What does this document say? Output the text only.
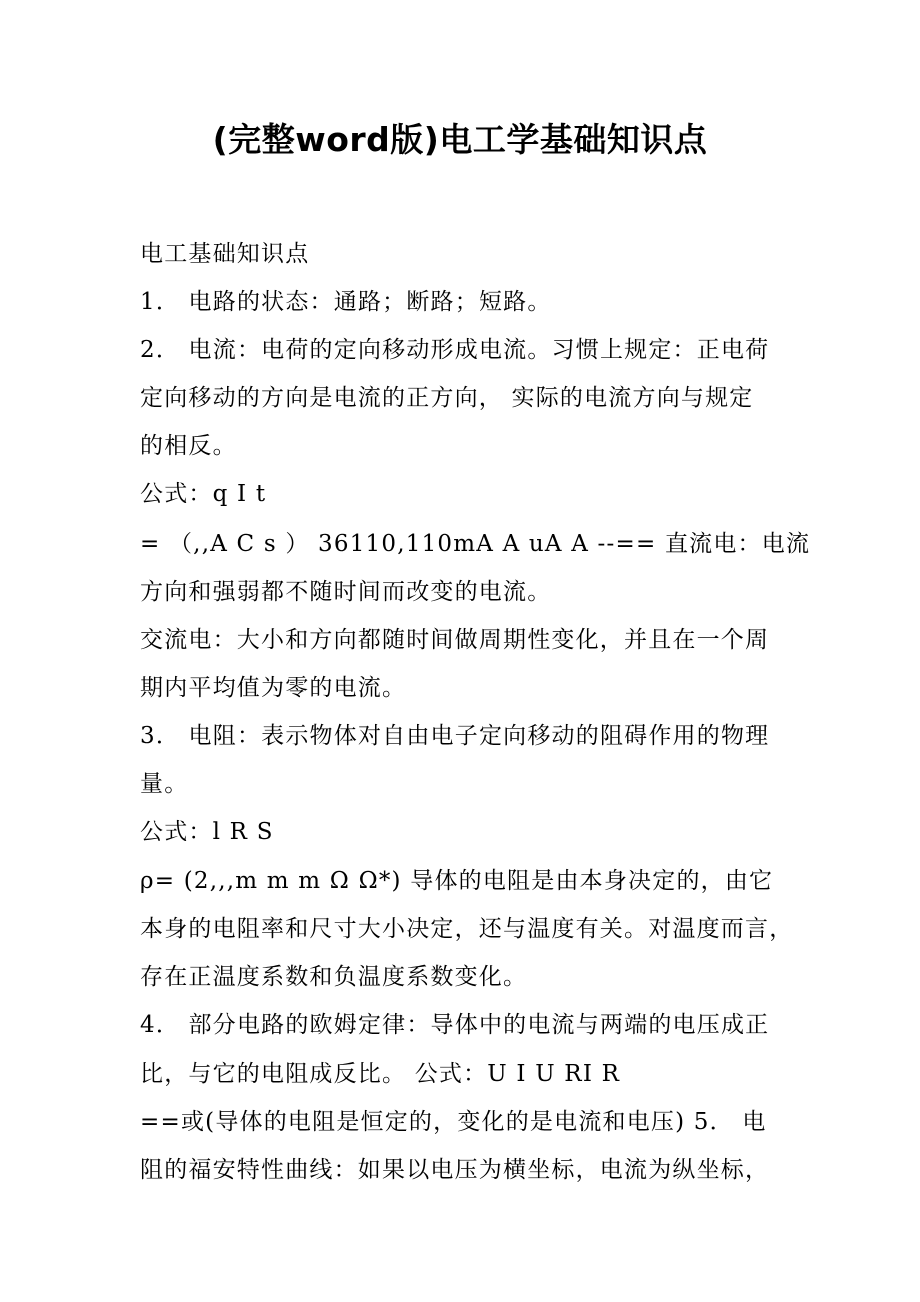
(完整word版)电工学基础知识点
电工基础知识点
1． 电路的状态：通路；断路；短路。
2． 电流：电荷的定向移动形成电流。习惯上规定：正电荷
定向移动的方向是电流的正方向， 实际的电流方向与规定
的相反。
公式：q I t
= （,,A C s ） 36110,110mA A uA A --== 直流电：电流
方向和强弱都不随时间而改变的电流。
交流电：大小和方向都随时间做周期性变化，并且在一个周
期内平均值为零的电流。
3． 电阻：表示物体对自由电子定向移动的阻碍作用的物理
量。
公式：l R S
ρ= (2,,,m m m Ω Ω*) 导体的电阻是由本身决定的，由它
本身的电阻率和尺寸大小决定，还与温度有关。对温度而言，
存在正温度系数和负温度系数变化。
4． 部分电路的欧姆定律：导体中的电流与两端的电压成正
比，与它的电阻成反比。 公式：U I U RI R
==或(导体的电阻是恒定的，变化的是电流和电压) 5． 电
阻的福安特性曲线：如果以电压为横坐标，电流为纵坐标，
